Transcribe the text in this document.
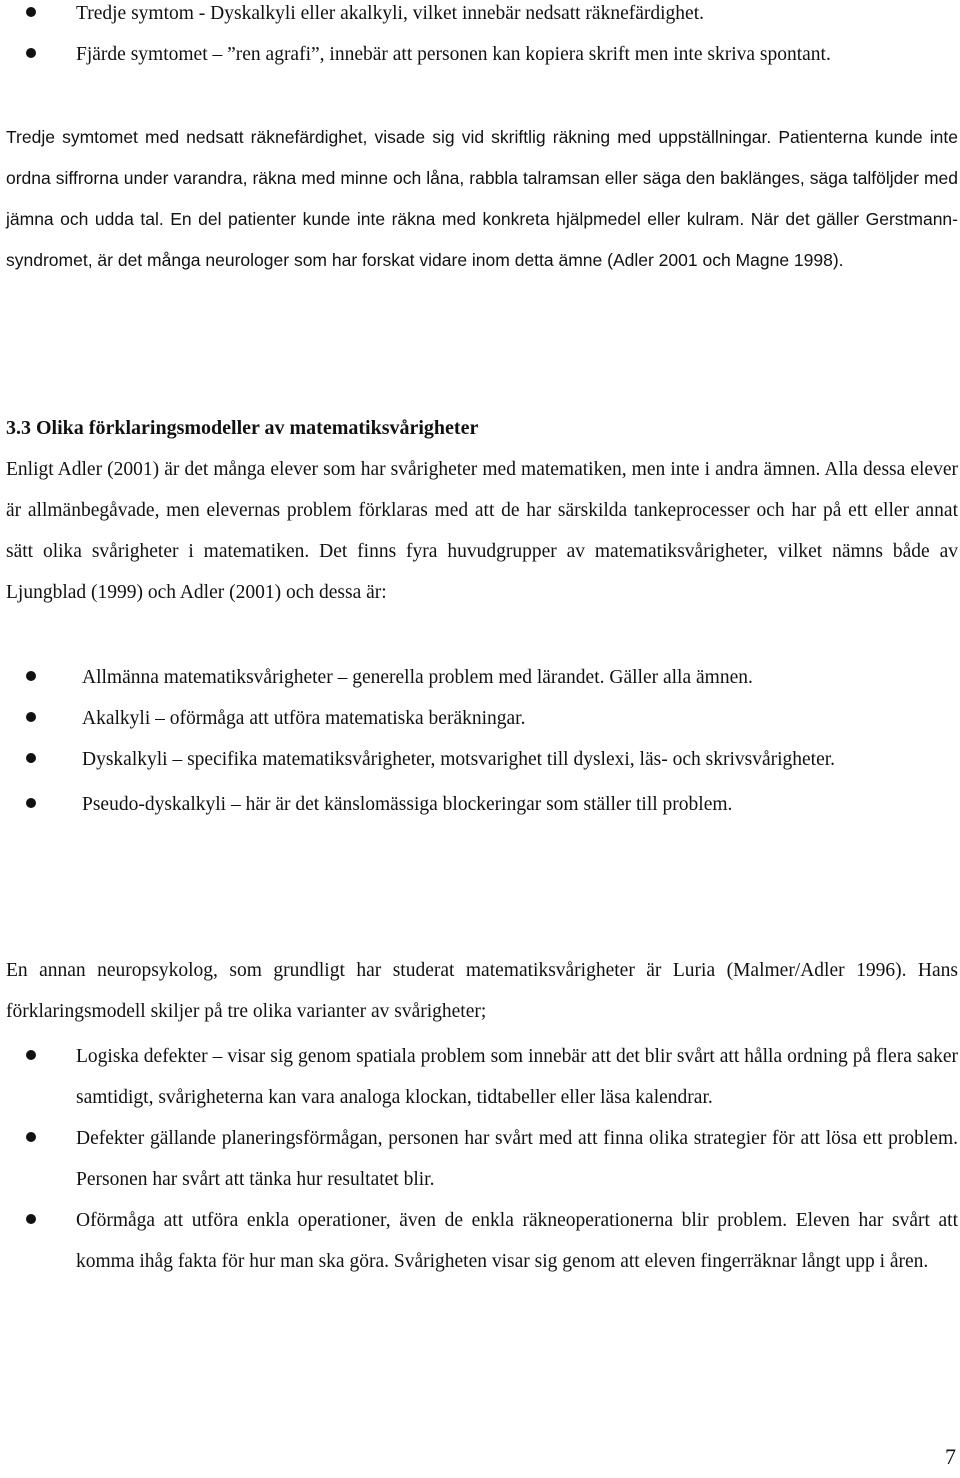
Tredje symtom - Dyskalkyli eller akalkyli, vilket innebär nedsatt räknefärdighet.
Fjärde symtomet – ”ren agrafi”, innebär att personen kan kopiera skrift men inte skriva spontant.
Tredje symtomet med nedsatt räknefärdighet, visade sig vid skriftlig räkning med uppställningar. Patienterna kunde inte ordna siffrorna under varandra, räkna med minne och låna, rabbla talramsan eller säga den baklänges, säga talföljder med jämna och udda tal. En del patienter kunde inte räkna med konkreta hjälpmedel eller kulram. När det gäller Gerstmann-syndromet, är det många neurologer som har forskat vidare inom detta ämne (Adler 2001 och Magne 1998).
3.3 Olika förklaringsmodeller av matematiksvårigheter
Enligt Adler (2001) är det många elever som har svårigheter med matematiken, men inte i andra ämnen. Alla dessa elever är allmänbegåvade, men elevernas problem förklaras med att de har särskilda tankeprocesser och har på ett eller annat sätt olika svårigheter i matematiken. Det finns fyra huvudgrupper av matematiksvårigheter, vilket nämns både av Ljungblad (1999) och Adler (2001) och dessa är:
Allmänna matematiksvårigheter – generella problem med lärandet. Gäller alla ämnen.
Akalkyli – oförmåga att utföra matematiska beräkningar.
Dyskalkyli – specifika matematiksvårigheter, motsvarighet till dyslexi, läs- och skrivsvårigheter.
Pseudo-dyskalkyli – här är det känslomässiga blockeringar som ställer till problem.
En annan neuropsykolog, som grundligt har studerat matematiksvårigheter är Luria (Malmer/Adler 1996). Hans förklaringsmodell skiljer på tre olika varianter av svårigheter;
Logiska defekter – visar sig genom spatiala problem som innebär att det blir svårt att hålla ordning på flera saker samtidigt, svårigheterna kan vara analoga klockan, tidtabeller eller läsa kalendrar.
Defekter gällande planeringsförmågan, personen har svårt med att finna olika strategier för att lösa ett problem. Personen har svårt att tänka hur resultatet blir.
Oförmåga att utföra enkla operationer, även de enkla räkneoperationerna blir problem. Eleven har svårt att komma ihåg fakta för hur man ska göra. Svårigheten visar sig genom att eleven fingerräknar långt upp i åren.
7
